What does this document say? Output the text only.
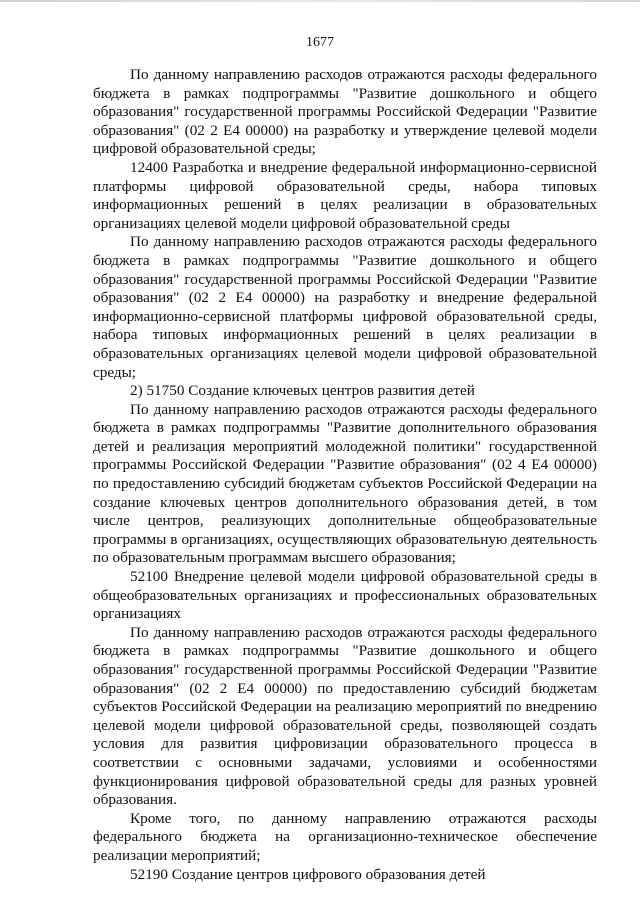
1677

По данному направлению расходов отражаются расходы федерального бюджета в рамках подпрограммы "Развитие дошкольного и общего образования" государственной программы Российской Федерации "Развитие образования" (02 2 Е4 00000) на разработку и утверждение целевой модели цифровой образовательной среды;

12400 Разработка и внедрение федеральной информационно-сервисной платформы цифровой образовательной среды, набора типовых информационных решений в целях реализации в образовательных организациях целевой модели цифровой образовательной среды

По данному направлению расходов отражаются расходы федерального бюджета в рамках подпрограммы "Развитие дошкольного и общего образования" государственной программы Российской Федерации "Развитие образования" (02 2 Е4 00000) на разработку и внедрение федеральной информационно-сервисной платформы цифровой образовательной среды, набора типовых информационных решений в целях реализации в образовательных организациях целевой модели цифровой образовательной среды;

2) 51750 Создание ключевых центров развития детей

По данному направлению расходов отражаются расходы федерального бюджета в рамках подпрограммы "Развитие дополнительного образования детей и реализация мероприятий молодежной политики" государственной программы Российской Федерации "Развитие образования" (02 4 Е4 00000) по предоставлению субсидий бюджетам субъектов Российской Федерации на создание ключевых центров дополнительного образования детей, в том числе центров, реализующих дополнительные общеобразовательные программы в организациях, осуществляющих образовательную деятельность по образовательным программам высшего образования;

52100 Внедрение целевой модели цифровой образовательной среды в общеобразовательных организациях и профессиональных образовательных организациях

По данному направлению расходов отражаются расходы федерального бюджета в рамках подпрограммы "Развитие дошкольного и общего образования" государственной программы Российской Федерации "Развитие образования" (02 2 Е4 00000) по предоставлению субсидий бюджетам субъектов Российской Федерации на реализацию мероприятий по внедрению целевой модели цифровой образовательной среды, позволяющей создать условия для развития цифровизации образовательного процесса в соответствии с основными задачами, условиями и особенностями функционирования цифровой образовательной среды для разных уровней образования.

Кроме того, по данному направлению отражаются расходы федерального бюджета на организационно-техническое обеспечение реализации мероприятий;

52190 Создание центров цифрового образования детей
